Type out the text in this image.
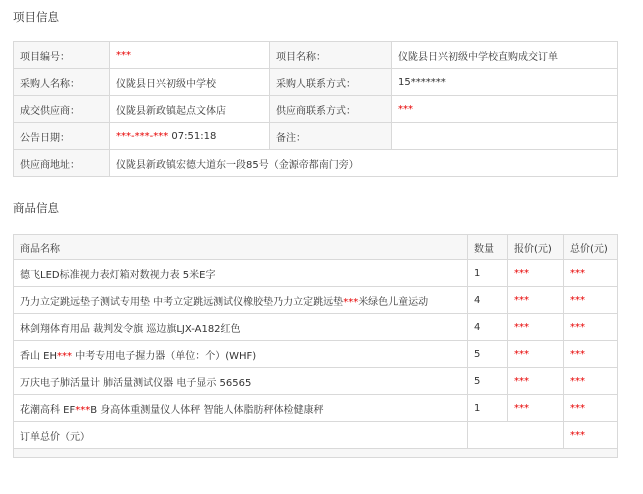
项目信息
项目编号：	***	项目名称：	仪陇县日兴初级中学校直购成交订单
采购人名称：	仪陇县日兴初级中学校	采购人联系方式：	15*******
成交供应商：	仪陇县新政镇起点文体店	供应商联系方式：	***
公告日期：	***-***-*** 07:51:18	备注：	
供应商地址：	仪陇县新政镇宏德大道东一段85号（金源帝都南门旁）		
商品信息
商品名称	数量	报价(元)	总价(元)
德飞LED标准视力表灯箱对数视力表 5米E字	1	***	***
乃力立定跳远垫子测试专用垫 中考立定跳远测试仪橡胶垫乃力立定跳远垫***米绿色儿童运动	4	***	***
林剑翔体育用品 裁判发令旗 巡边旗LJX-A182红色	4	***	***
香山 EH*** 中考专用电子握力器（单位：个）(WHF)	5	***	***
万庆电子肺活量计 肺活量测试仪器 电子显示 56565	5	***	***
花潮高科 EF***B 身高体重测量仪人体秤 智能人体脂肪秤体检健康秤	1	***	***
订单总价（元）			***
